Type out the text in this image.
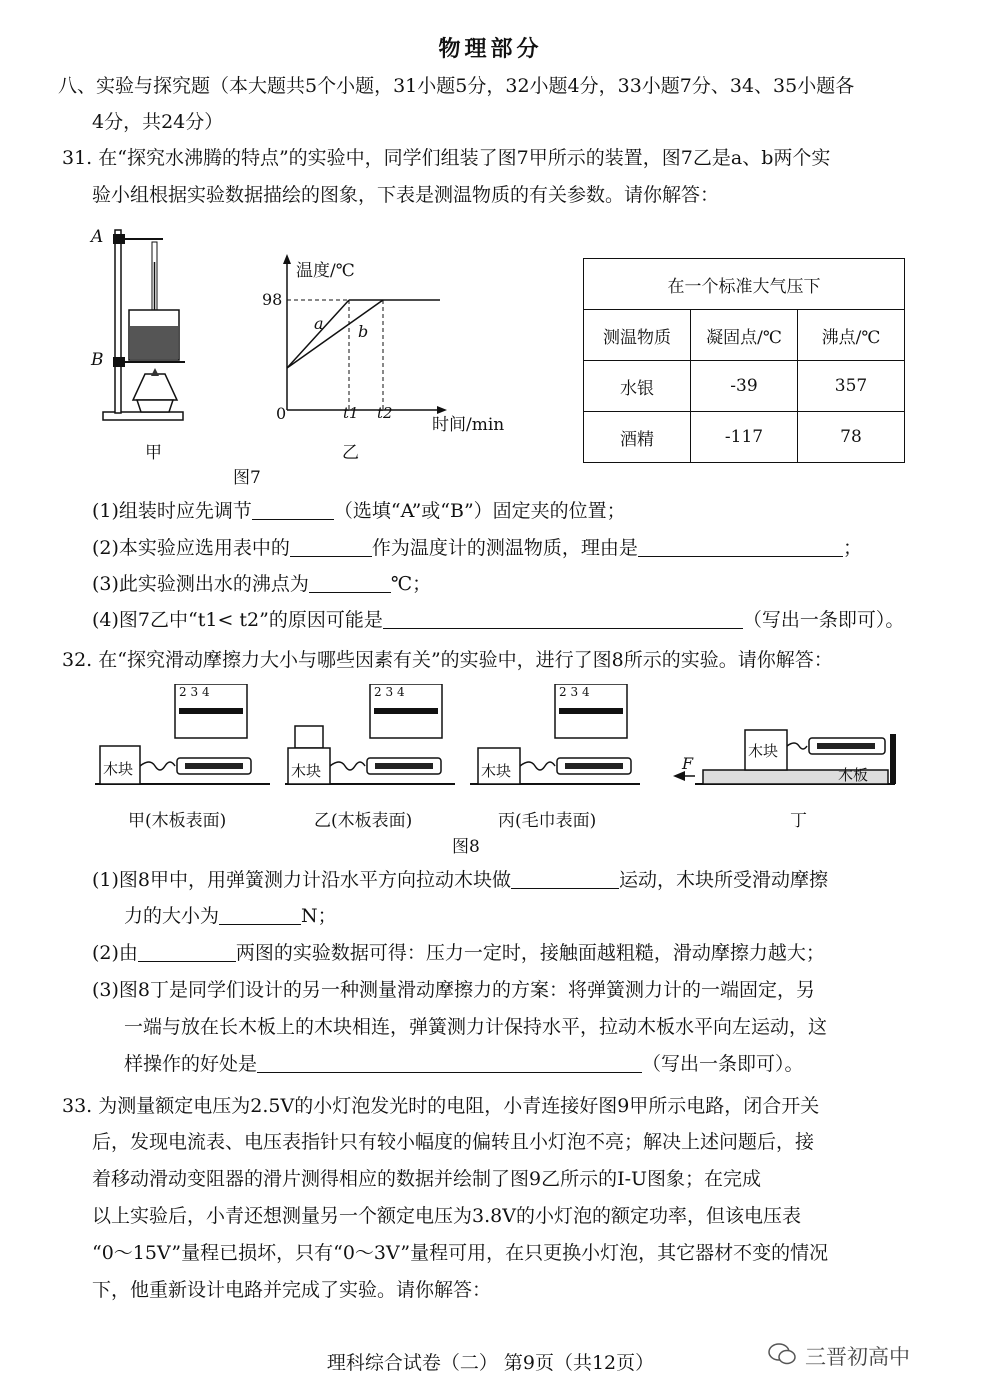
物理部分
八、实验与探究题（本大题共5个小题，31小题5分，32小题4分，33小题7分、34、35小题各
4分，共24分）
31. 在“探究水沸腾的特点”的实验中，同学们组装了图7甲所示的装置，图7乙是a、b两个实
验小组根据实验数据描绘的图象，下表是测温物质的有关参数。请你解答：
A
B
甲
图7
温度/℃
98
0	t1 t2
时间/min
a b
乙
在一个标准大气压下		
测温物质	凝固点/℃	沸点/℃
水银	-39	357
酒精	-117	78
(1)组装时应先调节	（选填“A”或“B”）固定夹的位置；
(2)本实验应选用表中的	作为温度计的测温物质，理由是	；
(3)此实验测出水的沸点为	℃；
(4)图7乙中“t1< t2”的原因可能是	（写出一条即可）。
32. 在“探究滑动摩擦力大小与哪些因素有关”的实验中，进行了图8所示的实验。请你解答：
2 3 4	2 3 4	2 3 4
木块	木块	木块
木块
木板
F
甲(木板表面)	乙(木板表面)	丙(毛巾表面)	丁
图8
(1)图8甲中，用弹簧测力计沿水平方向拉动木块做	运动，木块所受滑动摩擦
力的大小为	N；
(2)由	两图的实验数据可得：压力一定时，接触面越粗糙，滑动摩擦力越大；
(3)图8丁是同学们设计的另一种测量滑动摩擦力的方案：将弹簧测力计的一端固定，另
一端与放在长木板上的木块相连，弹簧测力计保持水平，拉动木板水平向左运动，这
样操作的好处是	（写出一条即可）。
33. 为测量额定电压为2.5V的小灯泡发光时的电阻，小青连接好图9甲所示电路，闭合开关
后，发现电流表、电压表指针只有较小幅度的偏转且小灯泡不亮；解决上述问题后，接
着移动滑动变阻器的滑片测得相应的数据并绘制了图9乙所示的I-U图象；在完成
以上实验后，小青还想测量另一个额定电压为3.8V的小灯泡的额定功率，但该电压表
“0～15V”量程已损坏，只有“0～3V”量程可用，在只更换小灯泡，其它器材不变的情况
下，他重新设计电路并完成了实验。请你解答：
理科综合试卷（二） 第9页（共12页）	三晋初高中
